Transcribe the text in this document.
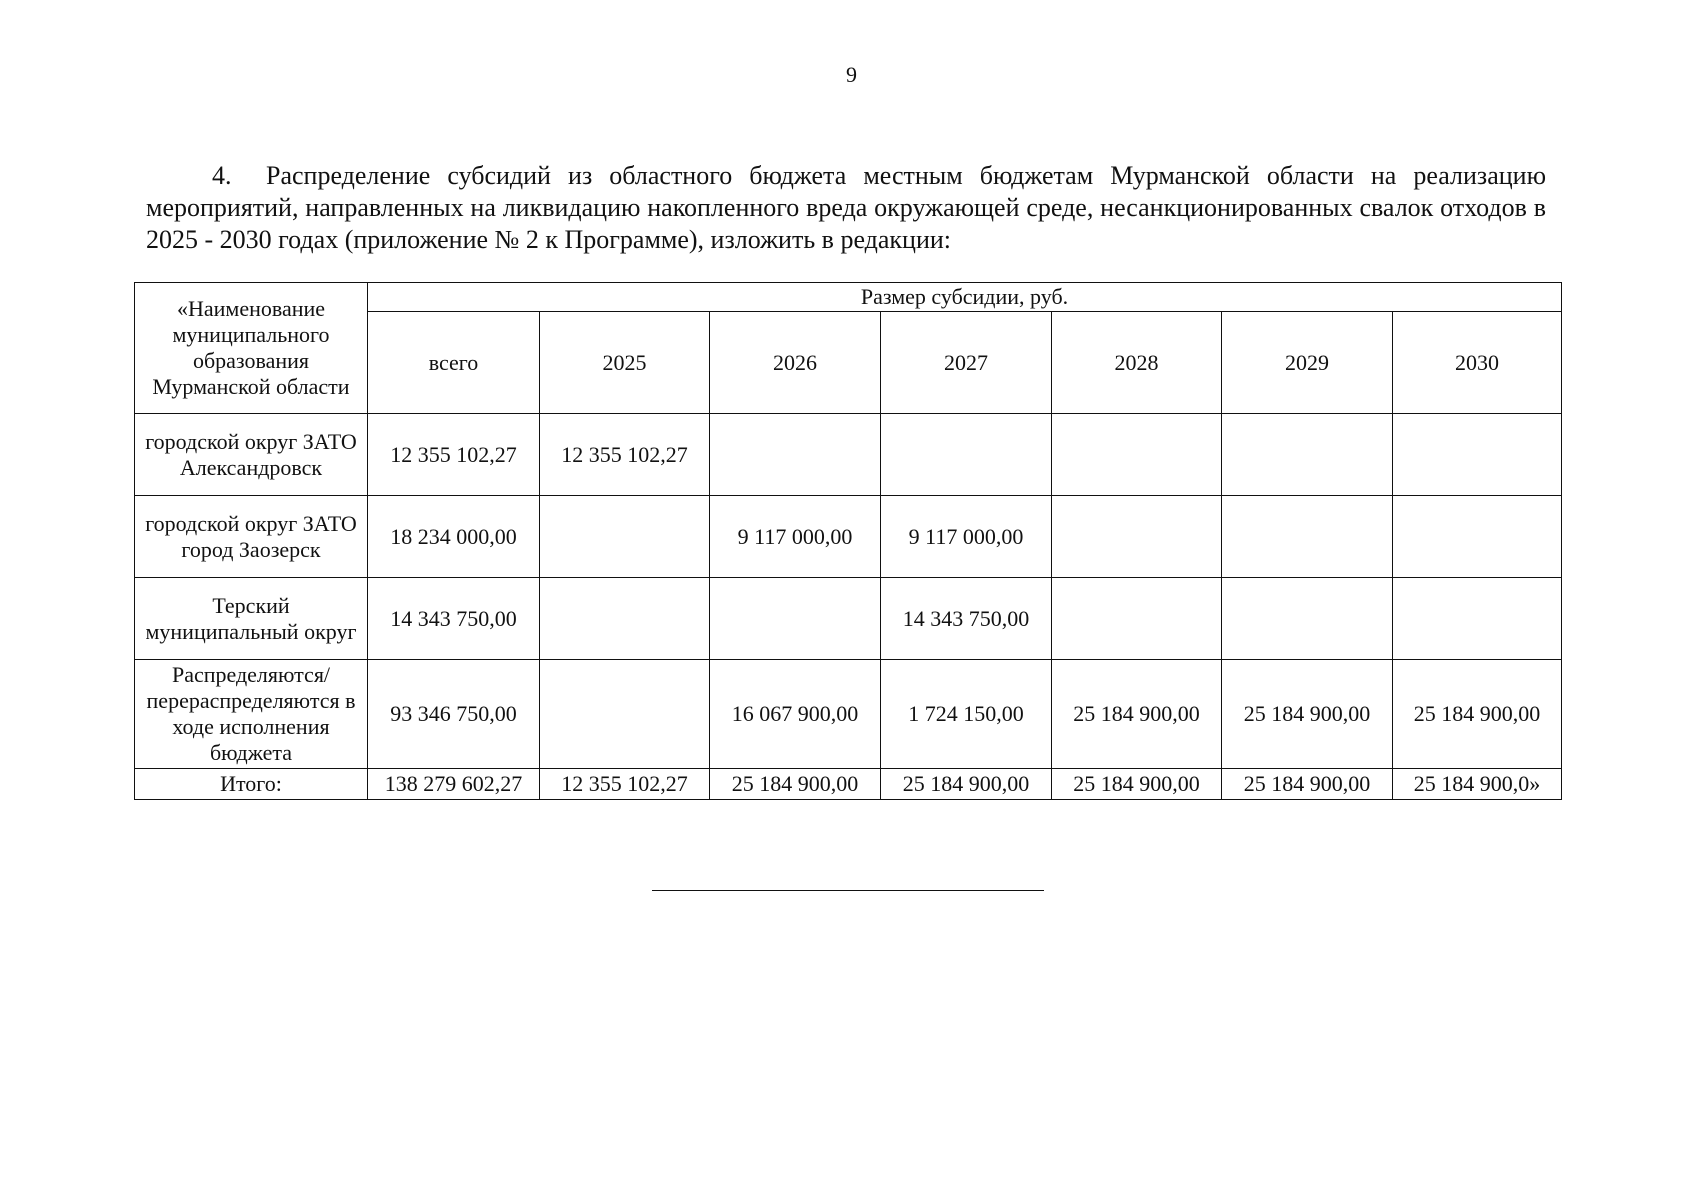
9

4. Распределение субсидий из областного бюджета местным бюджетам Мурманской области на реализацию мероприятий, направленных на ликвидацию накопленного вреда окружающей среде, несанкционированных свалок отходов в 2025 - 2030 годах (приложение № 2 к Программе), изложить в редакции:

«Наименование муниципального образования Мурманской области	Размер субсидии, руб.						
	всего	2025	2026	2027	2028	2029	2030
городской округ ЗАТО Александровск	12 355 102,27	12 355 102,27					
городской округ ЗАТО город Заозерск	18 234 000,00		9 117 000,00	9 117 000,00			
Терский муниципальный округ	14 343 750,00			14 343 750,00			
Распределяются/ перераспределяются в ходе исполнения бюджета	93 346 750,00		16 067 900,00	1 724 150,00	25 184 900,00	25 184 900,00	25 184 900,00
Итого:	138 279 602,27	12 355 102,27	25 184 900,00	25 184 900,00	25 184 900,00	25 184 900,00	25 184 900,0»
